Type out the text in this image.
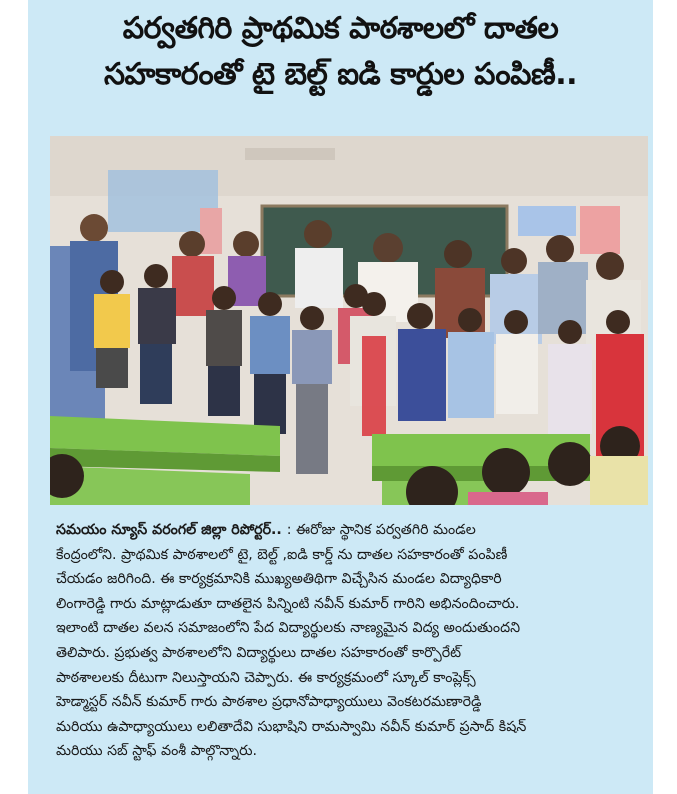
పర్వతగిరి ప్రాథమిక పాఠశాలలో దాతల
సహకారంతో టై బెల్ట్ ఐడి కార్డుల పంపిణీ..
సమయం న్యూస్ వరంగల్ జిల్లా రిపోర్టర్.. : ఈరోజు స్థానిక పర్వతగిరి మండల
కేంద్రంలోని. ప్రాథమిక పాఠశాలలో టై, బెల్ట్ ,ఐడి కార్డ్ ను దాతల సహకారంతో పంపిణీ
చేయడం జరిగింది. ఈ కార్యక్రమానికి ముఖ్యఅతిథిగా విచ్చేసిన మండల విద్యాధికారి
లింగారెడ్డి గారు మాట్లాడుతూ దాతలైన పిన్నింటి నవీన్ కుమార్ గారిని అభినందించారు.
ఇలాంటి దాతల వలన సమాజంలోని పేద విద్యార్థులకు నాణ్యమైన విద్య అందుతుందని
తెలిపారు. ప్రభుత్వ పాఠశాలలోని విద్యార్థులు దాతల సహకారంతో కార్పొరేట్
పాఠశాలలకు దీటుగా నిలుస్తాయని చెప్పారు. ఈ కార్యక్రమంలో స్కూల్ కాంప్లెక్స్
హెడ్మాస్టర్ నవీన్ కుమార్ గారు పాఠశాల ప్రధానోపాధ్యాయులు వెంకటరమణారెడ్డి
మరియు ఉపాధ్యాయులు లలితాదేవి సుభాషిని రామస్వామి నవీన్ కుమార్ ప్రసాద్ కిషన్
మరియు సబ్ స్టాఫ్ వంశీ పాల్గొన్నారు.
